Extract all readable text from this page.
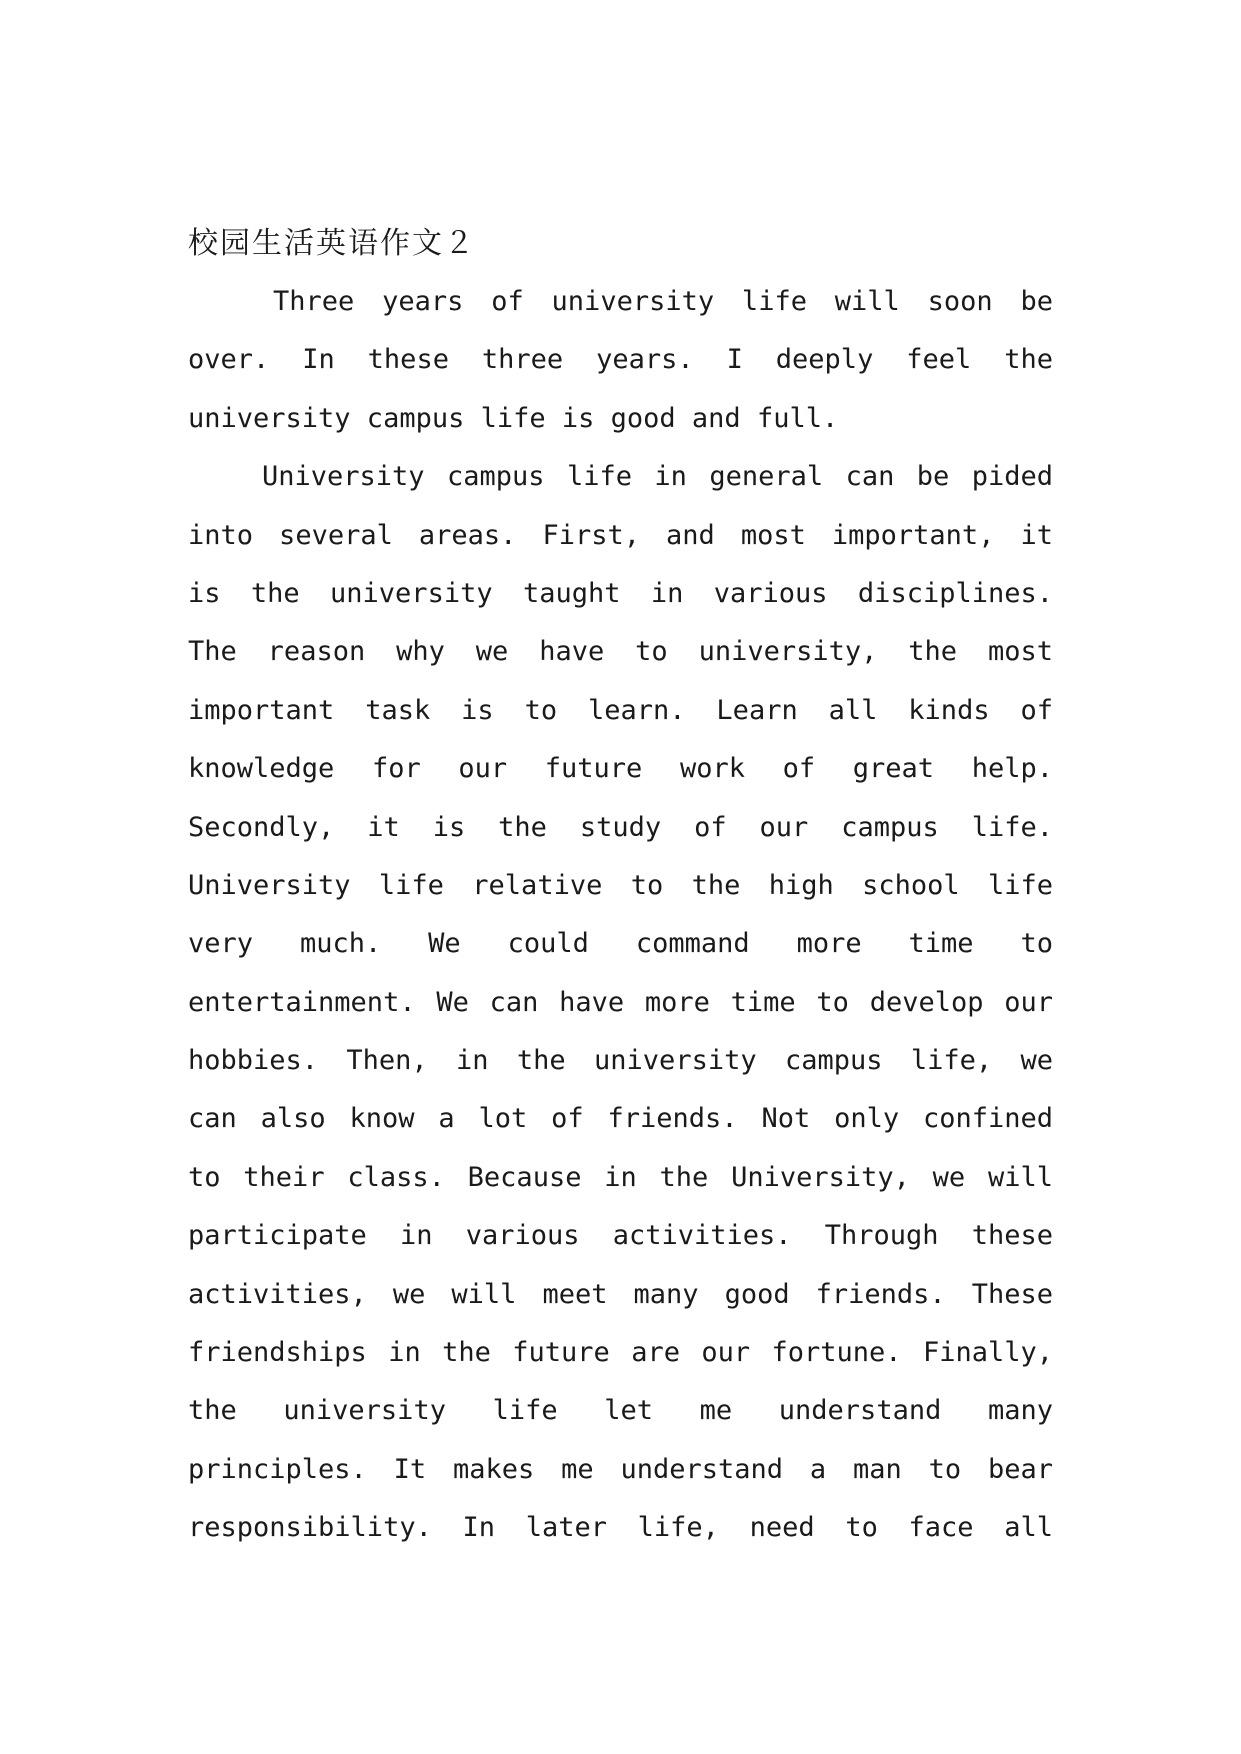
校园生活英语作文２
Three years of university life will soon be
over. In these three years. I deeply feel the
university campus life is good and full.
University campus life in general can be pided
into several areas. First, and most important, it
is the university taught in various disciplines.
The reason why we have to university, the most
important task is to learn. Learn all kinds of
knowledge for our future work of great help.
Secondly, it is the study of our campus life.
University life relative to the high school life
very much. We could command more time to
entertainment. We can have more time to develop our
hobbies. Then, in the university campus life, we
can also know a lot of friends. Not only confined
to their class. Because in the University, we will
participate in various activities. Through these
activities, we will meet many good friends. These
friendships in the future are our fortune. Finally,
the university life let me understand many
principles. It makes me understand a man to bear
responsibility. In later life, need to face all
